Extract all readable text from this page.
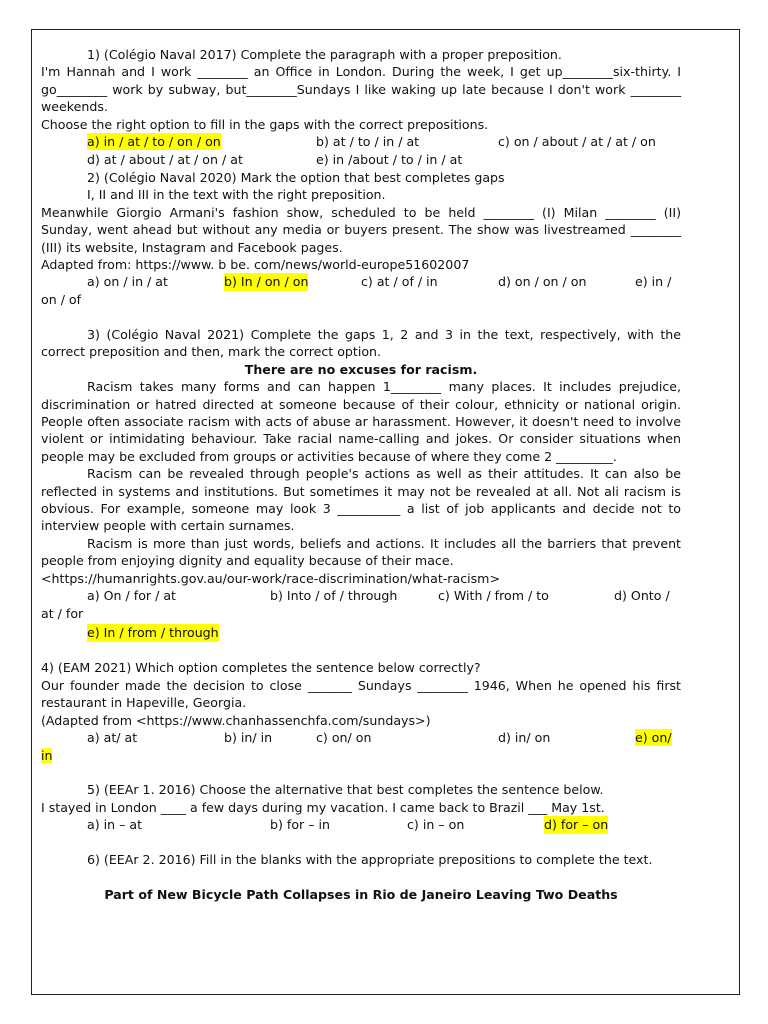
1) (Colégio Naval 2017) Complete the paragraph with a proper preposition.

I'm Hannah and I work ________ an Office in London. During the week, I get up________six-thirty. I go________ work by subway, but________Sundays I like waking up late because I don't work ________ weekends.

Choose the right option to fill in the gaps with the correct prepositions.

a) in / at / to / on / on	b) at / to / in / at	c) on / about / at / at / on
d) at / about / at / on / at	e) in /about / to / in / at

2) (Colégio Naval 2020) Mark the option that best completes gaps

I, II and III in the text with the right preposition.

Meanwhile Giorgio Armani's fashion show, scheduled to be held ________ (I) Milan ________ (II) Sunday, went ahead but without any media or buyers present. The show was livestreamed ________ (III) its website, Instagram and Facebook pages.

Adapted from: https://www. b be. com/news/world-europe51602007

a) on / in / at	b) In / on / on	c) at / of / in	d) on / on / on	e) in /

on / of

3) (Colégio Naval 2021) Complete the gaps 1, 2 and 3 in the text, respectively, with the correct preposition and then, mark the correct option.

There are no excuses for racism.

Racism takes many forms and can happen 1________ many places. It includes prejudice, discrimination or hatred directed at someone because of their colour, ethnicity or national origin. People often associate racism with acts of abuse ar harassment. However, it doesn't need to involve violent or intimidating behaviour. Take racial name-calling and jokes. Or consider situations when people may be excluded from groups or activities because of where they come 2 _________.

Racism can be revealed through people's actions as well as their attitudes. It can also be reflected in systems and institutions. But sometimes it may not be revealed at all. Not ali racism is obvious. For example, someone may look 3 __________ a list of job applicants and decide not to interview people with certain surnames.

Racism is more than just words, beliefs and actions. It includes all the barriers that prevent people from enjoying dignity and equality because of their mace.

<https://humanrights.gov.au/our-work/race-discrimination/what-racism>

a) On / for / at	b) Into / of / through	c) With / from / to	d) Onto /

at / for

e) In / from / through

4) (EAM 2021) Which option completes the sentence below correctly?

Our founder made the decision to close _______ Sundays ________ 1946, When he opened his first restaurant in Hapeville, Georgia.

(Adapted from <https://www.chanhassenchfa.com/sundays>)

a) at/ at	b) in/ in	c) on/ on	d) in/ on	e) on/

in

5) (EEAr 1. 2016) Choose the alternative that best completes the sentence below.

I stayed in London ____ a few days during my vacation. I came back to Brazil ___ May 1st.

a) in – at	b) for – in	c) in – on	d) for – on

6) (EEAr 2. 2016) Fill in the blanks with the appropriate prepositions to complete the text.

Part of New Bicycle Path Collapses in Rio de Janeiro Leaving Two Deaths
